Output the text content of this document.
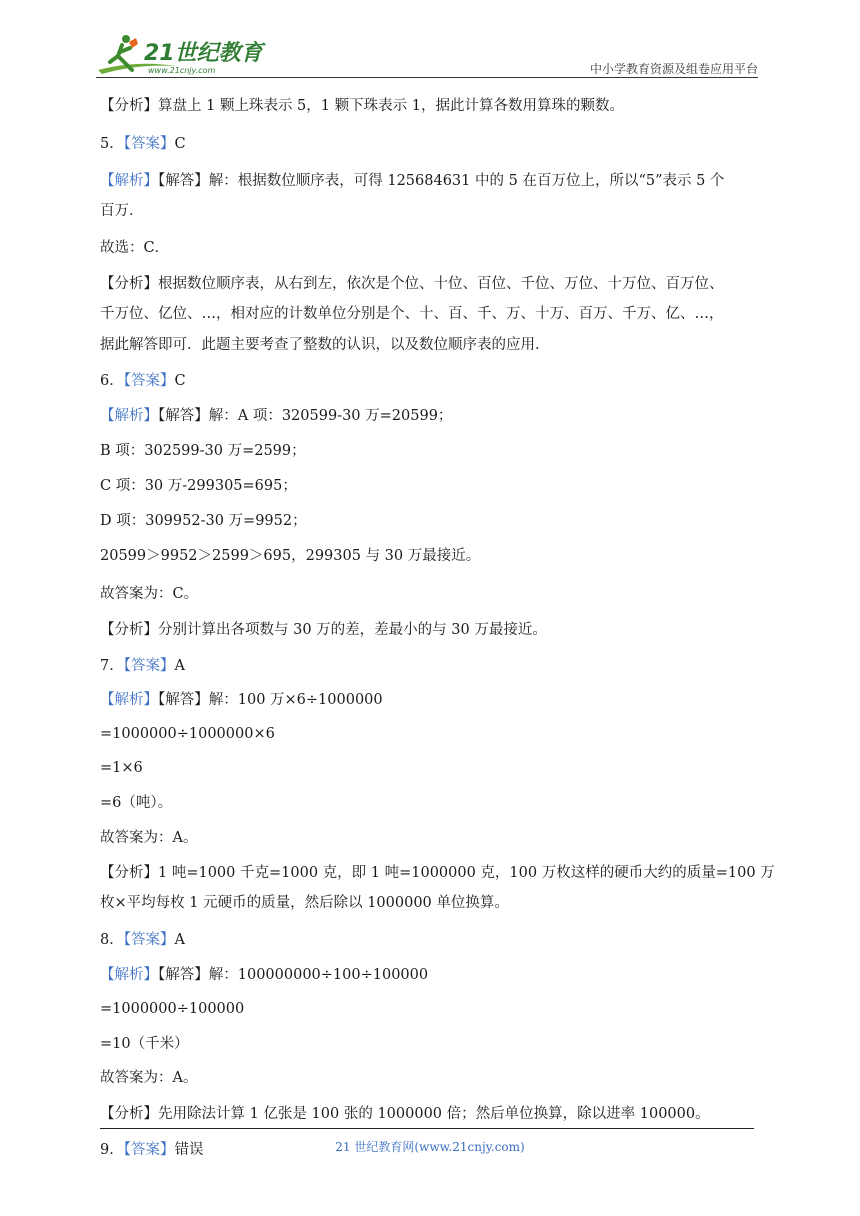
21世纪教育
www.21cnjy.com	中小学教育资源及组卷应用平台
【分析】算盘上 1 颗上珠表示 5，1 颗下珠表示 1，据此计算各数用算珠的颗数。
5．【答案】C
【解析】【解答】解：根据数位顺序表，可得 125684631 中的 5 在百万位上，所以“5”表示 5 个
百万．
故选：C．
【分析】根据数位顺序表，从右到左，依次是个位、十位、百位、千位、万位、十万位、百万位、
千万位、亿位、…，相对应的计数单位分别是个、十、百、千、万、十万、百万、千万、亿、…，
据此解答即可．此题主要考查了整数的认识，以及数位顺序表的应用．
6．【答案】C
【解析】【解答】解：A 项：320599-30 万=20599；
B 项：302599-30 万=2599；
C 项：30 万-299305=695；
D 项：309952-30 万=9952；
20599＞9952＞2599＞695，299305 与 30 万最接近。
故答案为：C。
【分析】分别计算出各项数与 30 万的差，差最小的与 30 万最接近。
7．【答案】A
【解析】【解答】解：100 万×6÷1000000
=1000000÷1000000×6
=1×6
=6（吨）。
故答案为：A。
【分析】1 吨=1000 千克=1000 克，即 1 吨=1000000 克，100 万枚这样的硬币大约的质量=100 万
枚×平均每枚 1 元硬币的质量，然后除以 1000000 单位换算。
8．【答案】A
【解析】【解答】解：100000000÷100÷100000
=1000000÷100000
=10（千米）
故答案为：A。
【分析】先用除法计算 1 亿张是 100 张的 1000000 倍；然后单位换算，除以进率 100000。
9．【答案】错误	21 世纪教育网(www.21cnjy.com)
